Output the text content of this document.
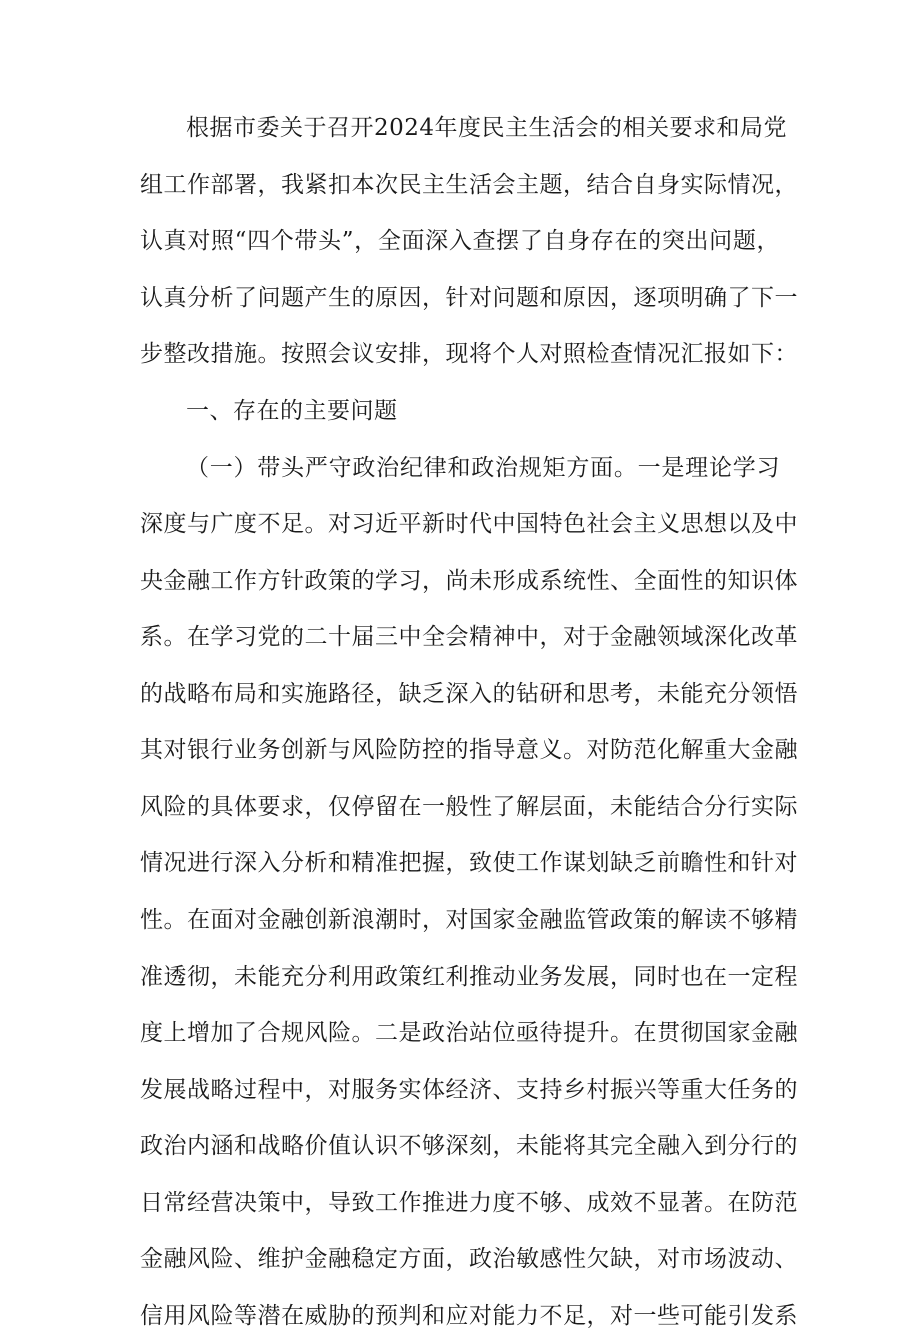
根据市委关于召开2024年度民主生活会的相关要求和局党
组工作部署，我紧扣本次民主生活会主题，结合自身实际情况，
认真对照“四个带头”，全面深入查摆了自身存在的突出问题，
认真分析了问题产生的原因，针对问题和原因，逐项明确了下一
步整改措施。按照会议安排，现将个人对照检查情况汇报如下：
一、存在的主要问题
（一）带头严守政治纪律和政治规矩方面。一是理论学习
深度与广度不足。对习近平新时代中国特色社会主义思想以及中
央金融工作方针政策的学习，尚未形成系统性、全面性的知识体
系。在学习党的二十届三中全会精神中，对于金融领域深化改革
的战略布局和实施路径，缺乏深入的钻研和思考，未能充分领悟
其对银行业务创新与风险防控的指导意义。对防范化解重大金融
风险的具体要求，仅停留在一般性了解层面，未能结合分行实际
情况进行深入分析和精准把握，致使工作谋划缺乏前瞻性和针对
性。在面对金融创新浪潮时，对国家金融监管政策的解读不够精
准透彻，未能充分利用政策红利推动业务发展，同时也在一定程
度上增加了合规风险。二是政治站位亟待提升。在贯彻国家金融
发展战略过程中，对服务实体经济、支持乡村振兴等重大任务的
政治内涵和战略价值认识不够深刻，未能将其完全融入到分行的
日常经营决策中，导致工作推进力度不够、成效不显著。在防范
金融风险、维护金融稳定方面，政治敏感性欠缺，对市场波动、
信用风险等潜在威胁的预判和应对能力不足，对一些可能引发系
